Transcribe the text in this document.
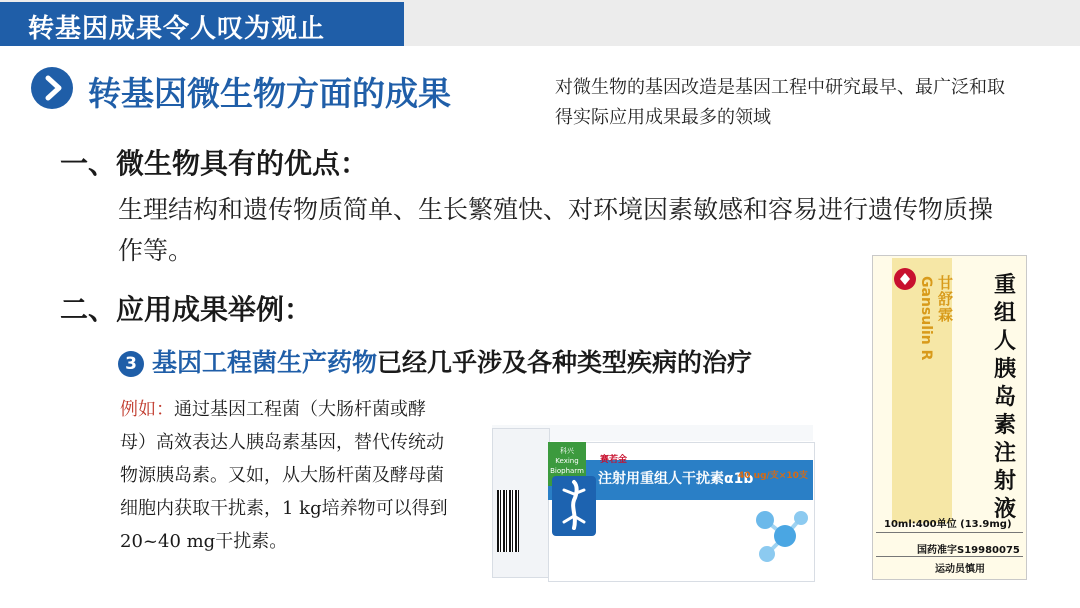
转基因成果令人叹为观止
转基因微生物方面的成果	对微生物的基因改造是基因工程中研究最早、最广泛和取得实际应用成果最多的领域
一、微生物具有的优点：
生理结构和遗传物质简单、生长繁殖快、对环境因素敏感和容易进行遗传物质操作等。
二、应用成果举例：
3 基因工程菌生产药物已经几乎涉及各种类型疾病的治疗
例如：通过基因工程菌（大肠杆菌或酵母）高效表达人胰岛素基因，替代传统动物源胰岛素。又如，从大肠杆菌及酵母菌细胞内获取干扰素，1 kg培养物可以得到20~40 mg干扰素。
科兴 Kexing Biopharm
赛若金
注射用重组人干扰素α1b
40 ug/支×10支
Gansulin R 甘舒霖
重组人胰岛素注射液
10ml:400单位 (13.9mg)
国药准字S19980075
运动员慎用
